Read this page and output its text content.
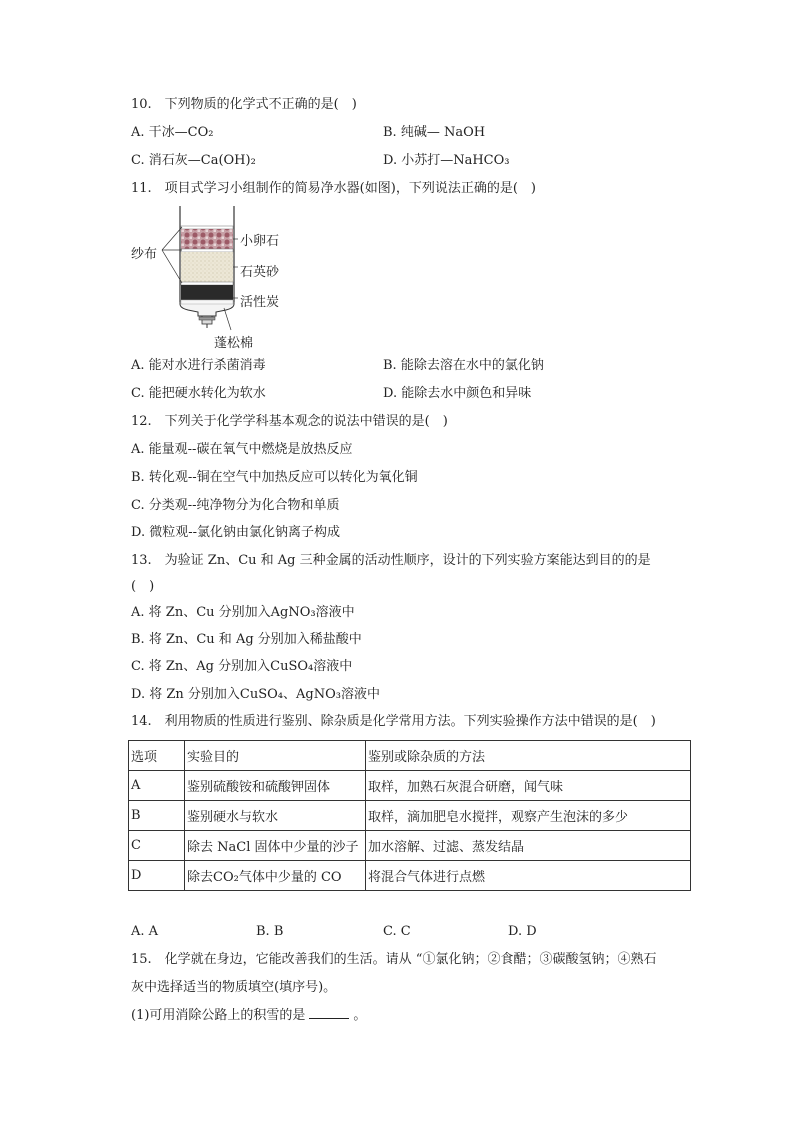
10.　下列物质的化学式不正确的是(　)
A. 干冰—CO₂	B. 纯碱— NaOH
C. 消石灰—Ca(OH)₂	D. 小苏打—NaHCO₃
11.　项目式学习小组制作的简易净水器(如图)，下列说法正确的是(　)
纱布
小卵石
石英砂
活性炭
蓬松棉
A. 能对水进行杀菌消毒	B. 能除去溶在水中的氯化钠
C. 能把硬水转化为软水	D. 能除去水中颜色和异味
12.　下列关于化学学科基本观念的说法中错误的是(　)
A. 能量观--碳在氧气中燃烧是放热反应
B. 转化观--铜在空气中加热反应可以转化为氧化铜
C. 分类观--纯净物分为化合物和单质
D. 微粒观--氯化钠由氯化钠离子构成
13.　为验证 Zn、Cu 和 Ag 三种金属的活动性顺序，设计的下列实验方案能达到目的的是
(　)
A. 将 Zn、Cu 分别加入AgNO₃溶液中
B. 将 Zn、Cu 和 Ag 分别加入稀盐酸中
C. 将 Zn、Ag 分别加入CuSO₄溶液中
D. 将 Zn 分别加入CuSO₄、AgNO₃溶液中
14.　利用物质的性质进行鉴别、除杂质是化学常用方法。下列实验操作方法中错误的是(　)
选项	实验目的	鉴别或除杂质的方法
A	鉴别硫酸铵和硫酸钾固体	取样，加熟石灰混合研磨，闻气味
B	鉴别硬水与软水	取样，滴加肥皂水搅拌，观察产生泡沫的多少
C	除去 NaCl 固体中少量的沙子	加水溶解、过滤、蒸发结晶
D	除去CO₂气体中少量的 CO	将混合气体进行点燃
A. A	B. B	C. C	D. D
15.　化学就在身边，它能改善我们的生活。请从 “①氯化钠；②食醋；③碳酸氢钠；④熟石
灰中选择适当的物质填空(填序号)。
(1)可用消除公路上的积雪的是	。
